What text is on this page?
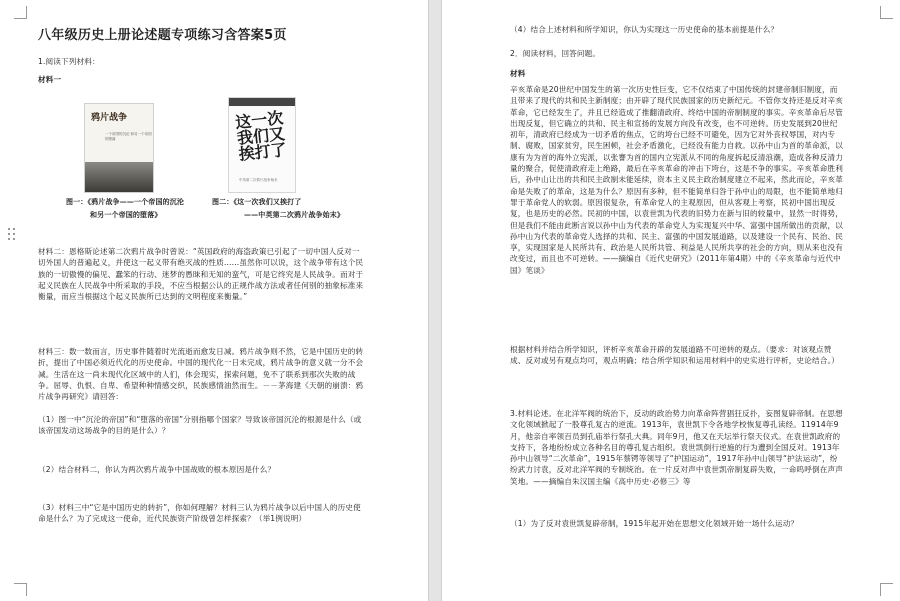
八年级历史上册论述题专项练习含答案5页
1.阅读下列材料：
材料一
鸦片战争
一个帝国的沉沦 和另一个帝国的堕落
这一次我们又挨打了
中英第二次鸦片战争始末
图一：《鸦片战争——一个帝国的沉沦
和另一个帝国的堕落》
图二：《这一次我们又挨打了
——中英第二次鸦片战争始末》
材料二：恩格斯论述第二次鸦片战争时曾说：“英国政府的海盗政策已引起了一切中国人反对一切外国人的普遍起义，并使这一起义带有绝灭战的性质……虽然你可以说，这个战争带有这个民族的一切傲慢的偏见、蠢笨的行动、迷梦的愚昧和无知的蛮气，可是它终究是人民战争。而对于起义民族在人民战争中所采取的手段，不应当根据公认的正规作战方法或者任何别的抽象标准来衡量，而应当根据这个起义民族所已达到的文明程度来衡量。”
材料三：数一数而言，历史事件随着时光流逝而愈发日减。鸦片战争则不然，它是中国历史的转折，提出了中国必须近代化的历史使命。中国的现代化一日未完成，鸦片战争的意义就一分不会减。生活在这一尚未现代化区域中的人们，体会现实，探索问题，免不了联系到那次失败的战争。屈辱、仇恨、自卑、希望种种情感交织，民族感情油然而生。－－茅海建《天朝的崩溃：鸦片战争再研究》请回答：
（1）图一中“沉沦的帝国”和“堕落的帝国”分别指哪个国家？导致该帝国沉沦的根源是什么（或该帝国发动这场战争的目的是什么）？
（2）结合材料二，你认为两次鸦片战争中国战败的根本原因是什么？
（3）材料三中“它是中国历史的转折”，你如何理解？材料三认为鸦片战争以后中国人的历史使命是什么？为了完成这一使命，近代民族资产阶级曾怎样探索？（举1例说明）
（4）结合上述材料和所学知识，你认为实现这一历史使命的基本前提是什么？
2．阅读材料，回答问题。
材料
辛亥革命是20世纪中国发生的第一次历史性巨变，它不仅结束了中国传统的封建帝制旧制度，而且带来了现代的共和民主新制度；由开辟了现代民族国家的历史新纪元。不管你支持还是反对辛亥革命，它已经发生了，并且已经造成了推翻清政府、终结中国的帝制制度的事实。辛亥革命后尽管出现反复，但它确立的共和、民主和宣扬的发展方向没有改变，也不可逆转。历史发展到20世纪初年，清政府已经成为一切矛盾的焦点，它的垮台已经不可避免，因为它对外丧权辱国，对内专制、腐败，国家贫穷，民生困顿，社会矛盾激化，已经没有能力自救。以孙中山为首的革命派，以康有为为首的海外立宪派，以张謇为首的国内立宪派从不同的角度拆起反清浪潮，造成各种反清力量的聚合，促使清政府走上绝路，最后在辛亥革命的冲击下垮台，这是不争的事实。辛亥革命胜利后，孙中山让出的共和民主政制未能延续，资本主义民主政治制度建立不起来，然此而论，辛亥革命是失败了的革命，这是为什么？原因有多种，但不能简单归咎于孙中山的局限，也不能简单地归罪于革命党人的软弱。原因很复杂，有革命党人的主观原因，但从客观上考察，民初中国出现反复，也是历史的必然。民初的中国，以袁世凯为代表的旧势力在新与旧的较量中，显然一时得势，但是我们不能由此断言说以孙中山为代表的革命党人为实现复兴中华、富强中国所做出的贡献，以孙中山为代表的革命党人选择的共和、民主、富强的中国发展道路，以及建设一个民有、民治、民享，实现国家是人民所共有、政治是人民所共管、利益是人民所共享的社会的方向，则从来也没有改变过，而且也不可逆转。——摘编自《近代史研究》（2011年第4期）中的《辛亥革命与近代中国》笔谈》
根据材料并结合所学知识，评析辛亥革命开辟的发展道路不可逆转的观点。（要求：对该观点赞成、反对或另有观点均可，观点明确；结合所学知识和运用材料中的史实进行评析，史论结合。）
3.材料论述。在北洋军阀的统治下，反动的政治势力向革命阵营猖狂反扑，妄图复辟帝制。在思想文化领域掀起了一股尊孔复古的逆流。1913年，袁世凯下令各地学校恢复尊孔读经。11914年9月，他亲自率领百员到孔庙举行祭孔大典。同年9月，他又在天坛举行祭天仪式。在袁世凯政府的支持下，各地纷纷成立各种名目的尊孔复古组织。袁世凯倒行逆施的行为遭到全国反对。1913年孙中山领导“二次革命”，1915年蔡锷等领导了“护国运动”，1917年孙中山领导“护法运动”，纷纷武力讨袁，反对北洋军阀的专制统治。在一片反对声中袁世凯帝制复辟失败，一命呜呼倒在声声笑地。——摘编自朱汉国主编《高中历史·必修三》等
（1）为了反对袁世凯复辟帝制，1915年起开始在思想文化领域开始一场什么运动？
